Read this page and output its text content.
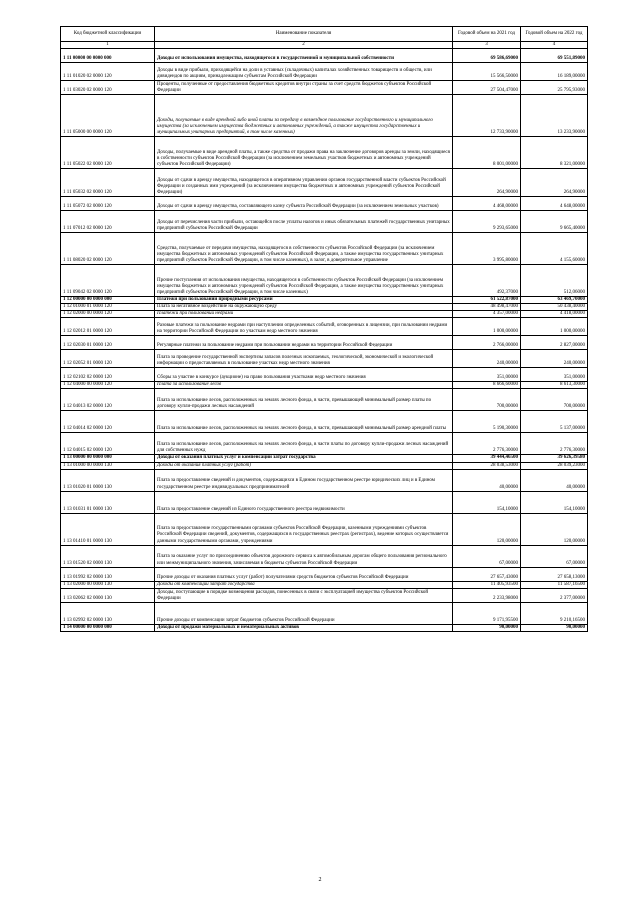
Код бюджетной классификации	Наименование показателя	Годовой объем на 2021 год	Годовой объем на 2022 год
1	2	3	4
1 11 00000 00 0000 000	Доходы от использования имущества, находящегося в государственной и муниципальной собственности	69 586,69000	69 551,89000
1 11 01020 02 0000 120	Доходы в виде прибыли, приходящейся на доли в уставных (складочных) капиталах хозяйственных товариществ и обществ, или дивидендов по акциям, принадлежащим субъектам Российской Федерации	15 566,50000	16 189,00000
1 11 03020 02 0000 120	Проценты, полученные от предоставления бюджетных кредитов внутри страны за счет средств бюджетов субъектов Российской Федерации	27 504,47000	25 795,93000
1 11 05000 00 0000 120	Доходы, получаемые в виде арендной либо иной платы за передачу в возмездное пользование государственного и муниципального имущества (за исключением имущества бюджетных и автономных учреждений, а также имущества государственных и муниципальных унитарных предприятий, в том числе казенных)	12 733,90000	13 233,90000
1 11 05022 02 0000 120	Доходы, получаемые в виде арендной платы, а также средства от продажи права на заключение договоров аренды за земли, находящиеся в собственности субъектов Российской Федерации (за исключением земельных участков бюджетных и автономных учреждений субъектов Российской Федерации)	8 001,00000	8 321,00000
1 11 05032 02 0000 120	Доходы от сдачи в аренду имущества, находящегося в оперативном управлении органов государственной власти субъектов Российской Федерации и созданных ими учреждений (за исключением имущества бюджетных и автономных учреждений субъектов Российской Федерации)	264,90000	264,90000
1 11 05072 02 0000 120	Доходы от сдачи в аренду имущества, составляющего казну субъекта Российской Федерации (за исключением земельных участков)	4 468,00000	4 648,00000
1 11 07012 02 0000 120	Доходы от перечисления части прибыли, остающейся после уплаты налогов и иных обязательных платежей государственных унитарных предприятий субъектов Российской Федерации	9 293,65000	9 665,40000
1 11 08020 02 0000 120	Средства, получаемые от передачи имущества, находящегося в собственности субъектов Российской Федерации (за исключением имущества бюджетных и автономных учреждений субъектов Российской Федерации, а также имущества государственных унитарных предприятий субъектов Российской Федерации, в том числе казенных), в залог, в доверительное управление	3 995,80000	4 155,60000
1 11 09042 02 0000 120	Прочие поступления от использования имущества, находящегося в собственности субъектов Российской Федерации (за исключением имущества бюджетных и автономных учреждений субъектов Российской Федерации, а также имущества государственных унитарных предприятий субъектов Российской Федерации, в том числе казенных)	492,37000	512,06000
1 12 00000 00 0000 000	Платежи при пользовании природными ресурсами	61 522,87000	63 469,70000
1 12 01000 01 0000 120	Плата за негативное воздействие на окружающую среду	48 498,47000	50 438,40000
1 12 02000 00 0000 120	Платежи при пользовании недрами	4 357,00000	4 418,00000
1 12 02012 01 0000 120	Разовые платежи за пользование недрами при наступлении определенных событий, оговоренных в лицензии, при пользовании недрами на территории Российской Федерации по участкам недр местного значения	1 000,00000	1 000,00000
1 12 02030 01 0000 120	Регулярные платежи за пользование недрами при пользовании недрами на территории Российской Федерации	2 766,00000	2 827,00000
1 12 02052 01 0000 120	Плата за проведение государственной экспертизы запасов полезных ископаемых, геологической, экономической и экологической информации о предоставляемых в пользование участках недр местного значения	240,00000	240,00000
1 12 02102 02 0000 120	Сборы за участие в конкурсе (аукционе) на право пользования участками недр местного значения	351,00000	351,00000
1 12 04000 00 0000 120	Плата за использование лесов	8 666,60000	8 613,30000
1 12 04013 02 0000 120	Плата за использование лесов, расположенных на землях лесного фонда, в части, превышающей минимальный размер платы по договору купли-продажи лесных насаждений	700,00000	700,00000
1 12 04014 02 0000 120	Плата за использование лесов, расположенных на землях лесного фонда, в части, превышающей минимальный размер арендной платы	5 190,30000	5 137,00000
1 12 04015 02 0000 120	Плата за использование лесов, расположенных на землях лесного фонда, в части платы по договору купли-продажи лесных насаждений для собственных нужд	2 776,30000	2 776,30000
1 13 00000 00 0000 000	Доходы от оказания платных услуг и компенсации затрат государства	39 444,46500	39 626,39580
1 13 01000 00 0000 130	Доходы от оказания платных услуг (работ)	28 038,53000	28 039,23000
1 13 01020 01 0000 130	Плата за предоставление сведений и документов, содержащихся в Едином государственном реестре юридических лиц и в Едином государственном реестре индивидуальных предпринимателей	40,00000	40,00000
1 13 01031 01 0000 130	Плата за предоставление сведений из Единого государственного реестра недвижимости	154,10000	154,10000
1 13 01410 01 0000 130	Плата за предоставление государственными органами субъектов Российской Федерации, казенными учреждениями субъектов Российской Федерации сведений, документов, содержащихся в государственных реестрах (регистрах), ведение которых осуществляется данными государственными органами, учреждениями	120,00000	120,00000
1 13 01520 02 0000 130	Плата за оказание услуг по присоединению объектов дорожного сервиса к автомобильным дорогам общего пользования регионального или межмуниципального значения, зачисляемая в бюджеты субъектов Российской Федерации	67,00000	67,00000
1 13 01992 02 0000 130	Прочие доходы от оказания платных услуг (работ) получателями средств бюджетов субъектов Российской Федерации	27 657,43000	27 658,13000
1 13 02000 00 0000 130	Доходы от компенсации затрат государства	11 405,93500	11 587,16500
1 13 02062 02 0000 130	Доходы, поступающие в порядке возмещения расходов, понесенных в связи с эксплуатацией имущества субъектов Российской Федерации	2 233,98000	2 377,00000
1 13 02992 02 0000 130	Прочие доходы от компенсации затрат бюджетов субъектов Российской Федерации	9 171,95500	9 210,16500
1 14 00000 00 0000 000	Доходы от продажи материальных и нематериальных активов	90,00000	90,00000
2
